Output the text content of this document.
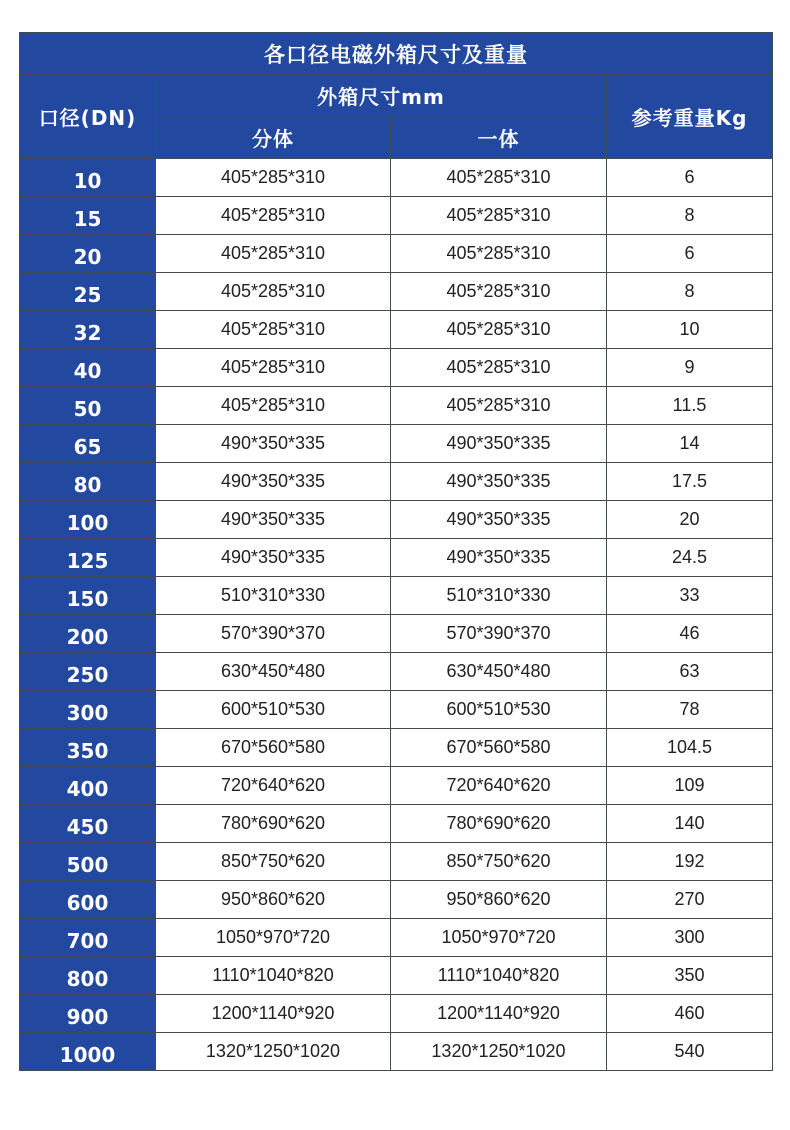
各口径电磁外箱尺寸及重量			
口径(DN)	外箱尺寸mm		参考重量Kg
	分体	一体	
10	405*285*310	405*285*310	6
15	405*285*310	405*285*310	8
20	405*285*310	405*285*310	6
25	405*285*310	405*285*310	8
32	405*285*310	405*285*310	10
40	405*285*310	405*285*310	9
50	405*285*310	405*285*310	11.5
65	490*350*335	490*350*335	14
80	490*350*335	490*350*335	17.5
100	490*350*335	490*350*335	20
125	490*350*335	490*350*335	24.5
150	510*310*330	510*310*330	33
200	570*390*370	570*390*370	46
250	630*450*480	630*450*480	63
300	600*510*530	600*510*530	78
350	670*560*580	670*560*580	104.5
400	720*640*620	720*640*620	109
450	780*690*620	780*690*620	140
500	850*750*620	850*750*620	192
600	950*860*620	950*860*620	270
700	1050*970*720	1050*970*720	300
800	1110*1040*820	1110*1040*820	350
900	1200*1140*920	1200*1140*920	460
1000	1320*1250*1020	1320*1250*1020	540
